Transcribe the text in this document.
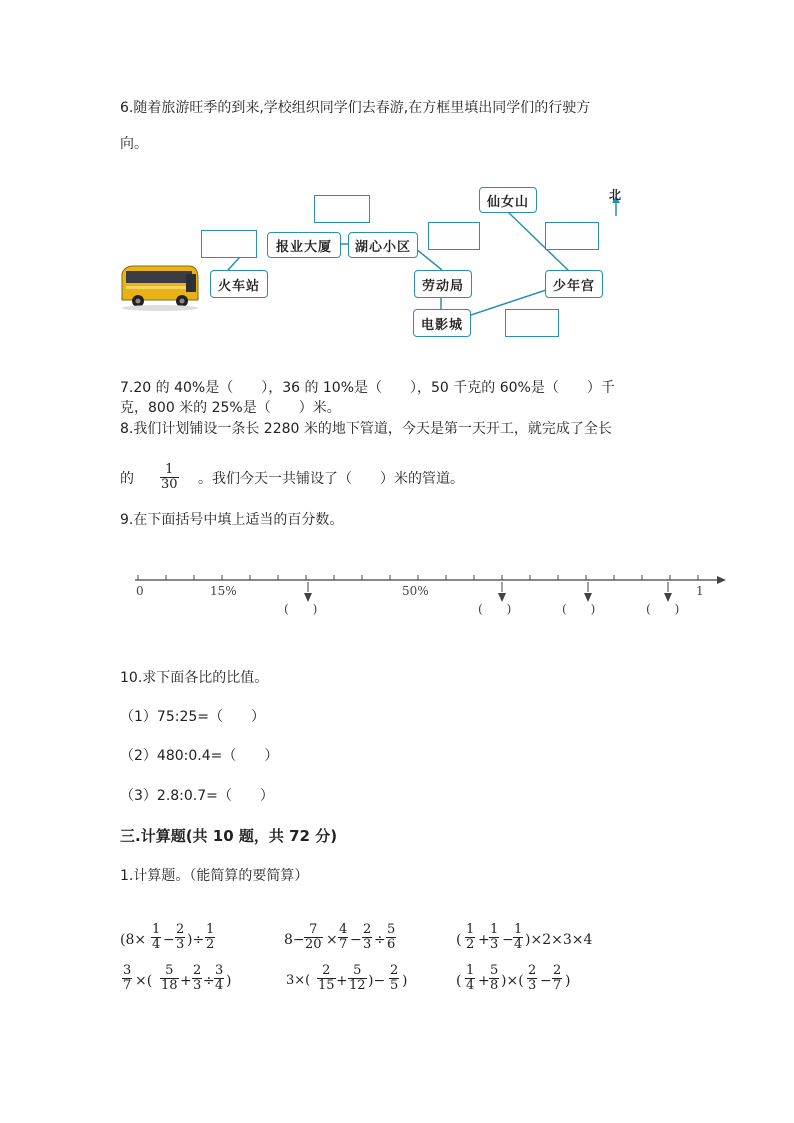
6.随着旅游旺季的到来,学校组织同学们去春游,在方框里填出同学们的行驶方
向。
报业大厦	湖心小区
仙女山
火车站	劳动局	少年宫
电影城
北
7.20 的 40%是（　　），36 的 10%是（　　），50 千克的 60%是（　　）千
克，800 米的 25%是（　　）米。
8.我们计划铺设一条长 2280 米的地下管道，今天是第一天开工，就完成了全长
的 $\frac{1}{30}$ 。我们今天一共铺设了（　　）米的管道。
9.在下面括号中填上适当的百分数。
0	15%	50%	1
(　　)	(　　)	(　　)	(　　)
10.求下面各比的比值。
（1）75:25=（　　）
（2）480:0.4=（　　）
（3）2.8:0.7=（　　）
三.计算题(共 10 题，共 72 分)
1.计算题。（能简算的要简算）
($8\times \frac{1}{4} - \frac{2}{3}$ )÷ $\frac{1}{2}$	$8- \frac{7}{20} \times \frac{4}{7} - \frac{2}{3} \div \frac{5}{6}$	( $\frac{1}{2} + \frac{1}{3} - \frac{1}{4} )\times 2\times 3\times 4$
$\frac{3}{7}$ ×( $\frac{5}{18} + \frac{2}{3} \div \frac{3}{4}$ )	$3\times( \frac{2}{15} + \frac{5}{12}$ )− $\frac{2}{5}$ )	( $\frac{1}{4} + \frac{5}{8}$ )×( $\frac{2}{3} - \frac{2}{7}$ )
